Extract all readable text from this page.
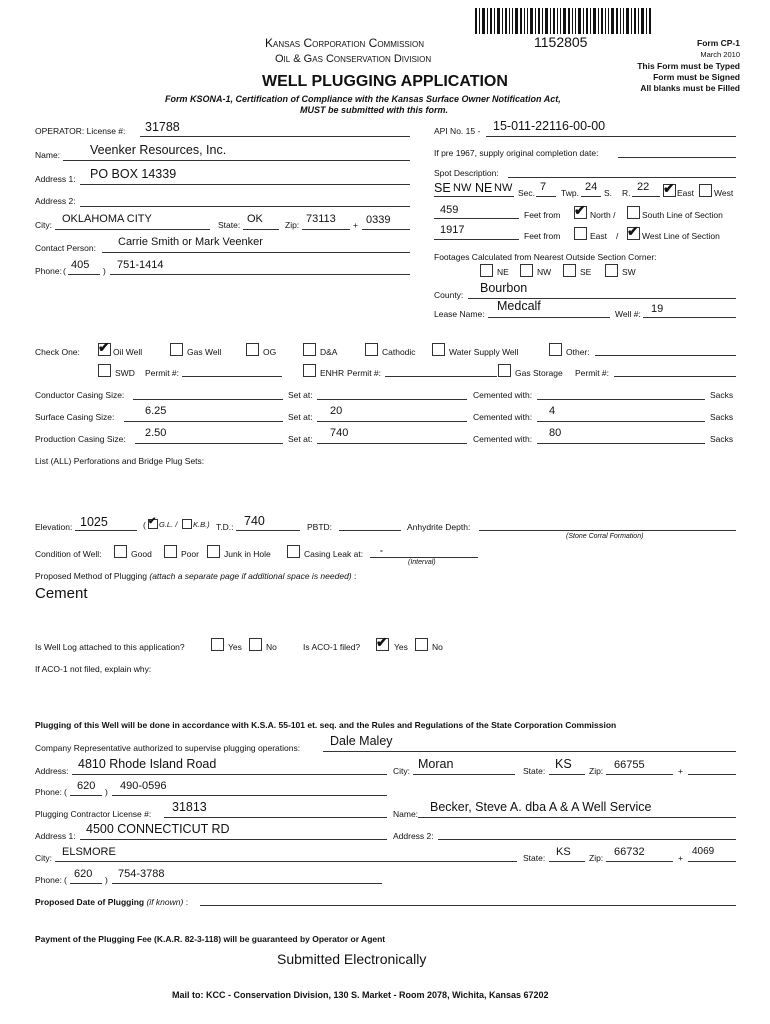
Kansas Corporation Commission	1152805
Oil & Gas Conservation Division
WELL PLUGGING APPLICATION
Form CP-1
March 2010
This Form must be Typed
Form must be Signed
All blanks must be Filled
Form KSONA-1, Certification of Compliance with the Kansas Surface Owner Notification Act,
MUST be submitted with this form.
OPERATOR: License #: 31788
Name: Veenker Resources, Inc.
Address 1: PO BOX 14339
Address 2:
City: OKLAHOMA CITY	State: OK	Zip: 73113 + 0339
Contact Person: Carrie Smith or Mark Veenker
Phone: ( 405 ) 751-1414
API No. 15 - 15-011-22116-00-00
If pre 1967, supply original completion date:
Spot Description:
SE NW NE NW Sec. 7 Twp. 24 S. R. 22 ✔ East West
459	Feet from ✔ North /	South Line of Section
1917	Feet from	East / ✔ West Line of Section
Footages Calculated from Nearest Outside Section Corner:
NE	NW	SE	SW
County: Bourbon
Lease Name:
Medcalf
Well #: 19
Check One: ✔ Oil Well	Gas Well	OG	D&A	Cathodic	Water Supply Well	Other:
SWD Permit #:	ENHR Permit #:	Gas Storage Permit #:
Conductor Casing Size:	Set at:	Cemented with:	Sacks
Surface Casing Size:	6.25	Set at: 20	Cemented with: 4	Sacks
Production Casing Size: 2.50	Set at: 740	Cemented with: 80	Sacks
List (ALL) Perforations and Bridge Plug Sets:
Elevation: 1025	( ✔ G.L. / K.B.) T.D.: 740	PBTD:	Anhydrite Depth:
(Stone Corral Formation)
Condition of Well:	Good	Poor	Junk in Hole	Casing Leak at: -
(Interval)
Proposed Method of Plugging (attach a separate page if additional space is needed) :
Cement
Is Well Log attached to this application?	Yes	No	Is ACO-1 filed? ✔ Yes	No
If ACO-1 not filed, explain why:
Plugging of this Well will be done in accordance with K.S.A. 55-101 et. seq. and the Rules and Regulations of the State Corporation Commission
Company Representative authorized to supervise plugging operations: Dale Maley
Address: 4810 Rhode Island Road	City: Moran	State: KS Zip: 66755	+
Phone: ( 620 ) 490-0596
Plugging Contractor License #: 31813	Name: Becker, Steve A. dba A & A Well Service
Address 1: 4500 CONNECTICUT RD	Address 2:
City: ELSMORE	State: KS Zip: 66732	+
4069
Phone: ( 620 ) 754-3788
Proposed Date of Plugging (if known) :
Payment of the Plugging Fee (K.A.R. 82-3-118) will be guaranteed by Operator or Agent
Submitted Electronically
Mail to: KCC - Conservation Division, 130 S. Market - Room 2078, Wichita, Kansas 67202
